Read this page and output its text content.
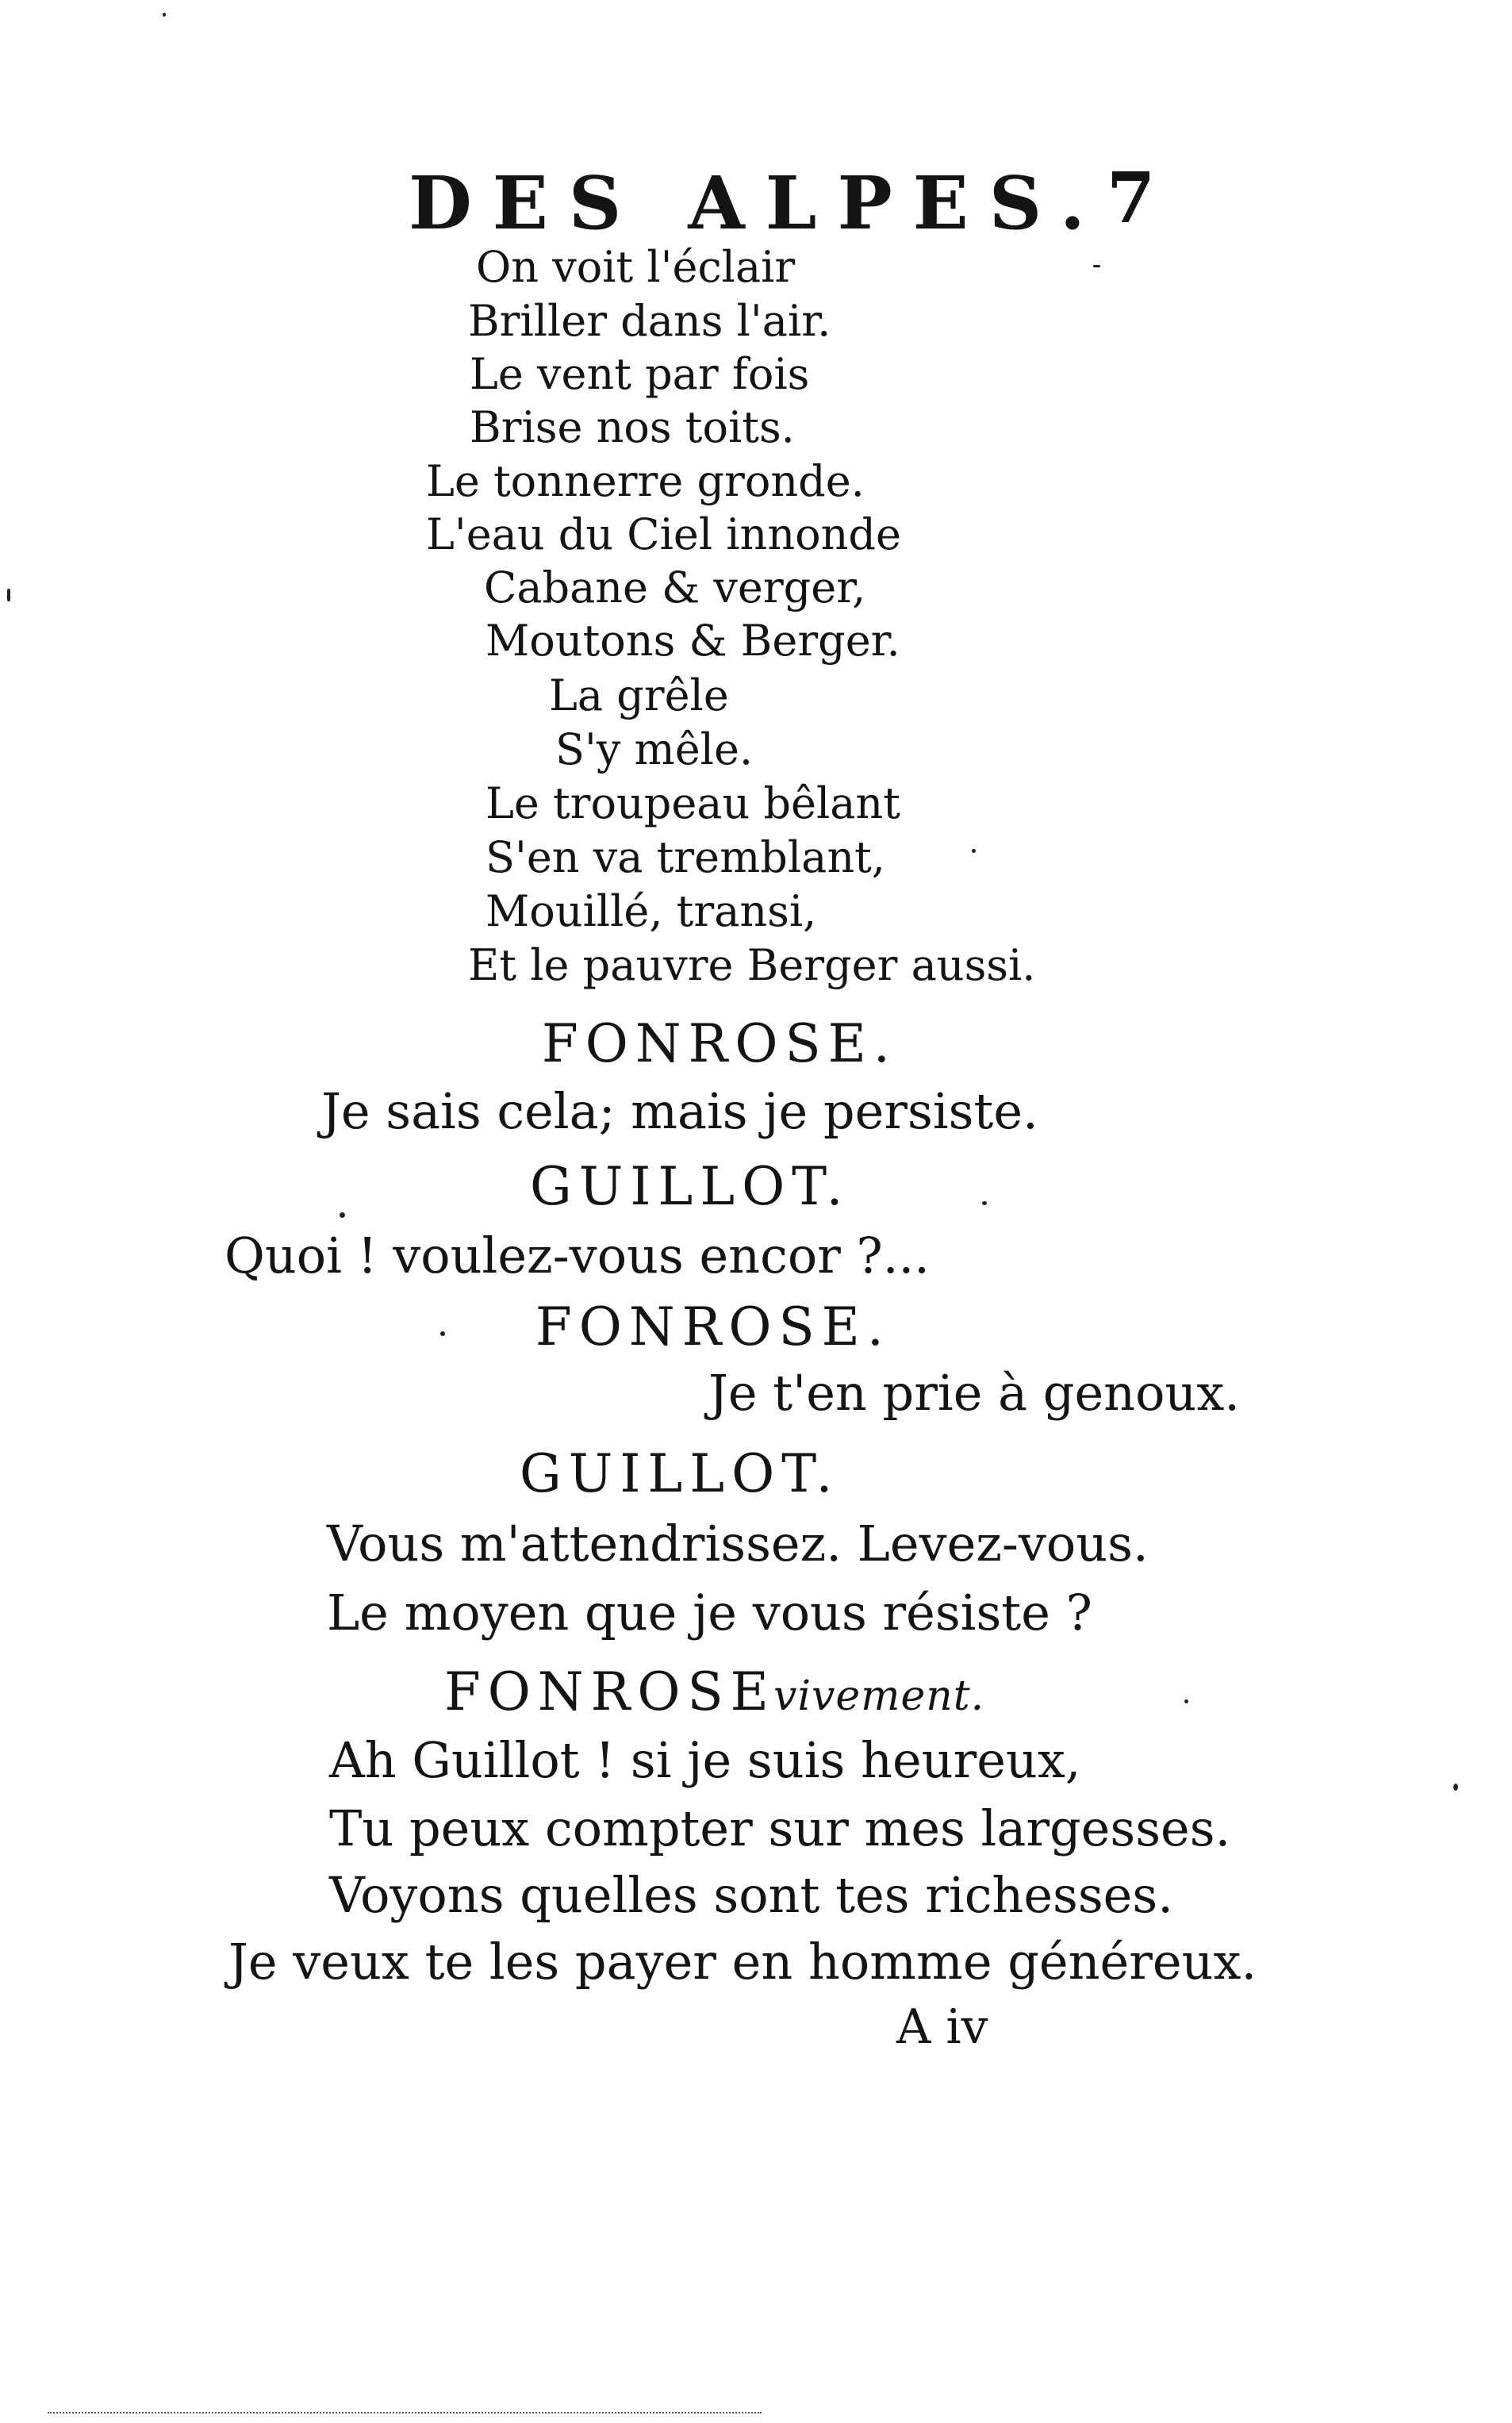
DES ALPES. 7
On voit l'éclair
Briller dans l'air.
Le vent par fois
Brise nos toits.
Le tonnerre gronde.
L'eau du Ciel innonde
Cabane & verger,
Moutons & Berger.
La grêle
S'y mêle.
Le troupeau bêlant
S'en va tremblant,
Mouillé, transi,
Et le pauvre Berger aussi.
FONROSE.
Je sais cela; mais je persiste.
GUILLOT.
Quoi ! voulez-vous encor ?...
FONROSE.
Je t'en prie à genoux.
GUILLOT.
Vous m'attendrissez. Levez-vous.
Le moyen que je vous résiste ?
FONROSE
vivement.
Ah Guillot ! si je suis heureux,
Tu peux compter sur mes largesses.
Voyons quelles sont tes richesses.
Je veux te les payer en homme généreux.
A iv
